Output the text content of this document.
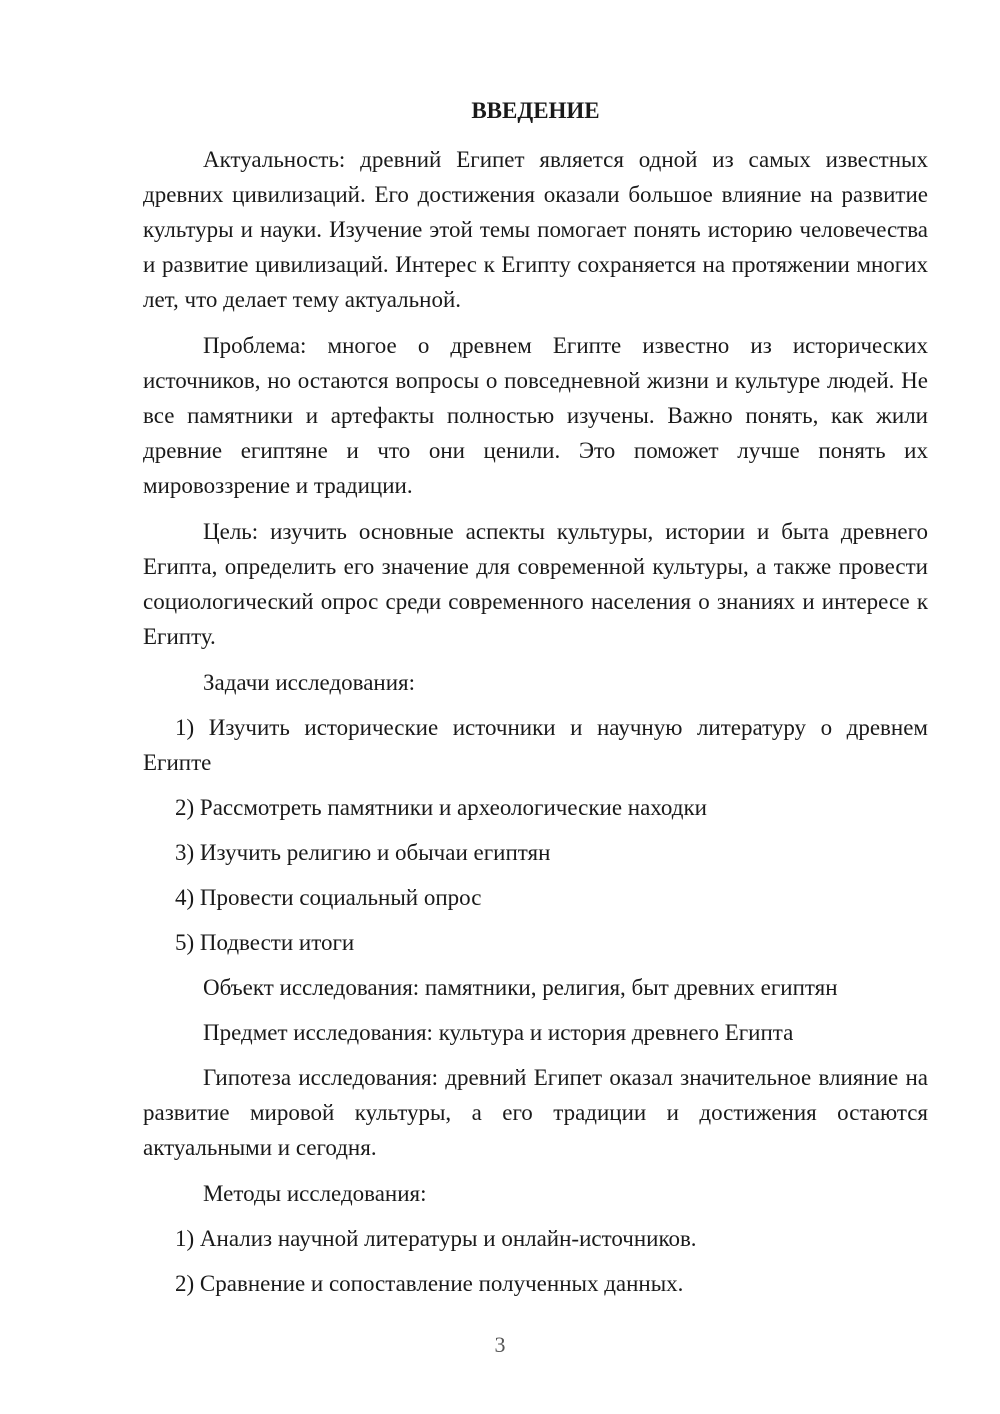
ВВЕДЕНИЕ
Актуальность: древний Египет является одной из самых известных древних цивилизаций. Его достижения оказали большое влияние на развитие культуры и науки. Изучение этой темы помогает понять историю человечества и развитие цивилизаций. Интерес к Египту сохраняется на протяжении многих лет, что делает тему актуальной.
Проблема: многое о древнем Египте известно из исторических источников, но остаются вопросы о повседневной жизни и культуре людей. Не все памятники и артефакты полностью изучены. Важно понять, как жили древние египтяне и что они ценили. Это поможет лучше понять их мировоззрение и традиции.
Цель: изучить основные аспекты культуры, истории и быта древнего Египта, определить его значение для современной культуры, а также провести социологический опрос среди современного населения о знаниях и интересе к Египту.
Задачи исследования:
1) Изучить исторические источники и научную литературу о древнем Египте
2) Рассмотреть памятники и археологические находки
3) Изучить религию и обычаи египтян
4) Провести социальный опрос
5) Подвести итоги
Объект исследования: памятники, религия, быт древних египтян
Предмет исследования: культура и история древнего Египта
Гипотеза исследования: древний Египет оказал значительное влияние на развитие мировой культуры, а его традиции и достижения остаются актуальными и сегодня.
Методы исследования:
1) Анализ научной литературы и онлайн-источников.
2) Сравнение и сопоставление полученных данных.
3
